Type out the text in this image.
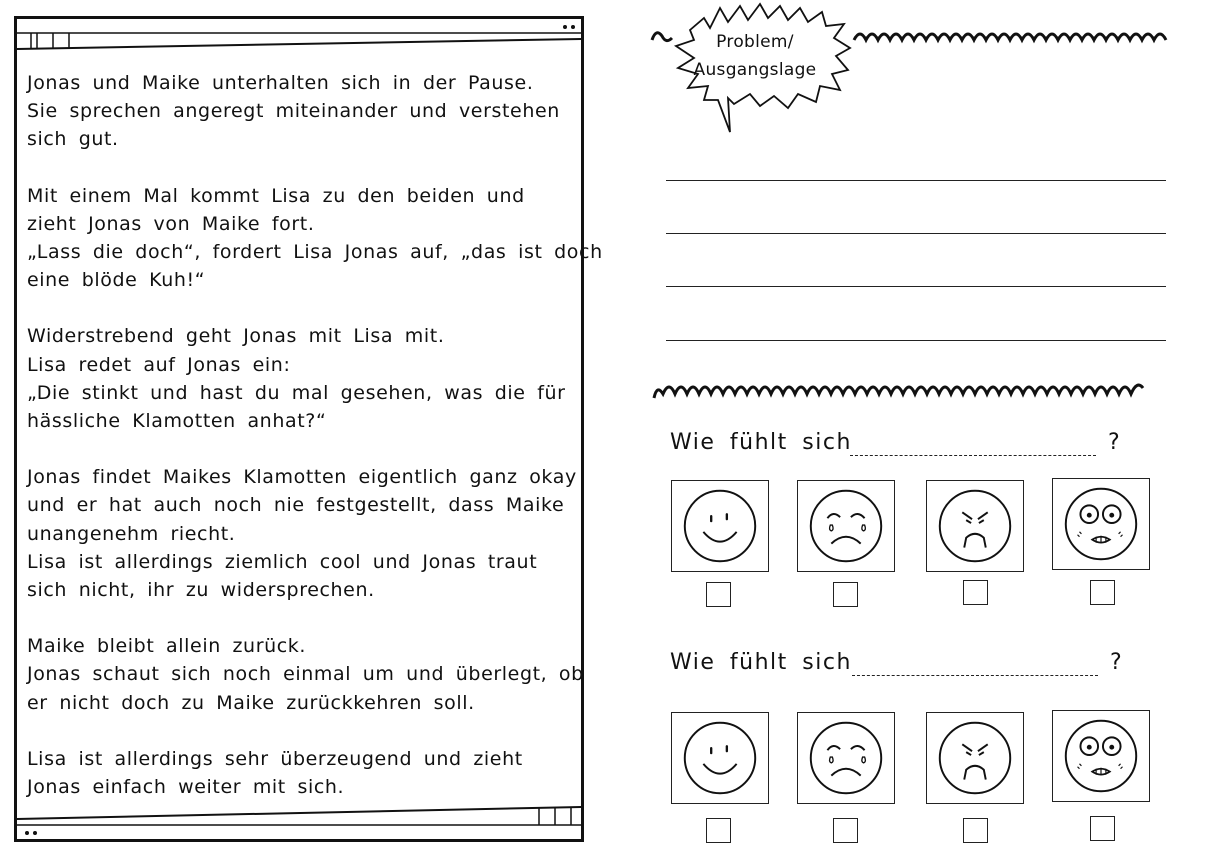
Jonas und Maike unterhalten sich in der Pause.
Sie sprechen angeregt miteinander und verstehen
sich gut.
Mit einem Mal kommt Lisa zu den beiden und
zieht Jonas von Maike fort.
„Lass die doch“, fordert Lisa Jonas auf, „das ist doch
eine blöde Kuh!“
Widerstrebend geht Jonas mit Lisa mit.
Lisa redet auf Jonas ein:
„Die stinkt und hast du mal gesehen, was die für
hässliche Klamotten anhat?“
Jonas findet Maikes Klamotten eigentlich ganz okay
und er hat auch noch nie festgestellt, dass Maike
unangenehm riecht.
Lisa ist allerdings ziemlich cool und Jonas traut
sich nicht, ihr zu widersprechen.
Maike bleibt allein zurück.
Jonas schaut sich noch einmal um und überlegt, ob
er nicht doch zu Maike zurückkehren soll.
Lisa ist allerdings sehr überzeugend und zieht
Jonas einfach weiter mit sich.
Problem/
Ausgangslage
Wie fühlt sich	?
Wie fühlt sich	?
